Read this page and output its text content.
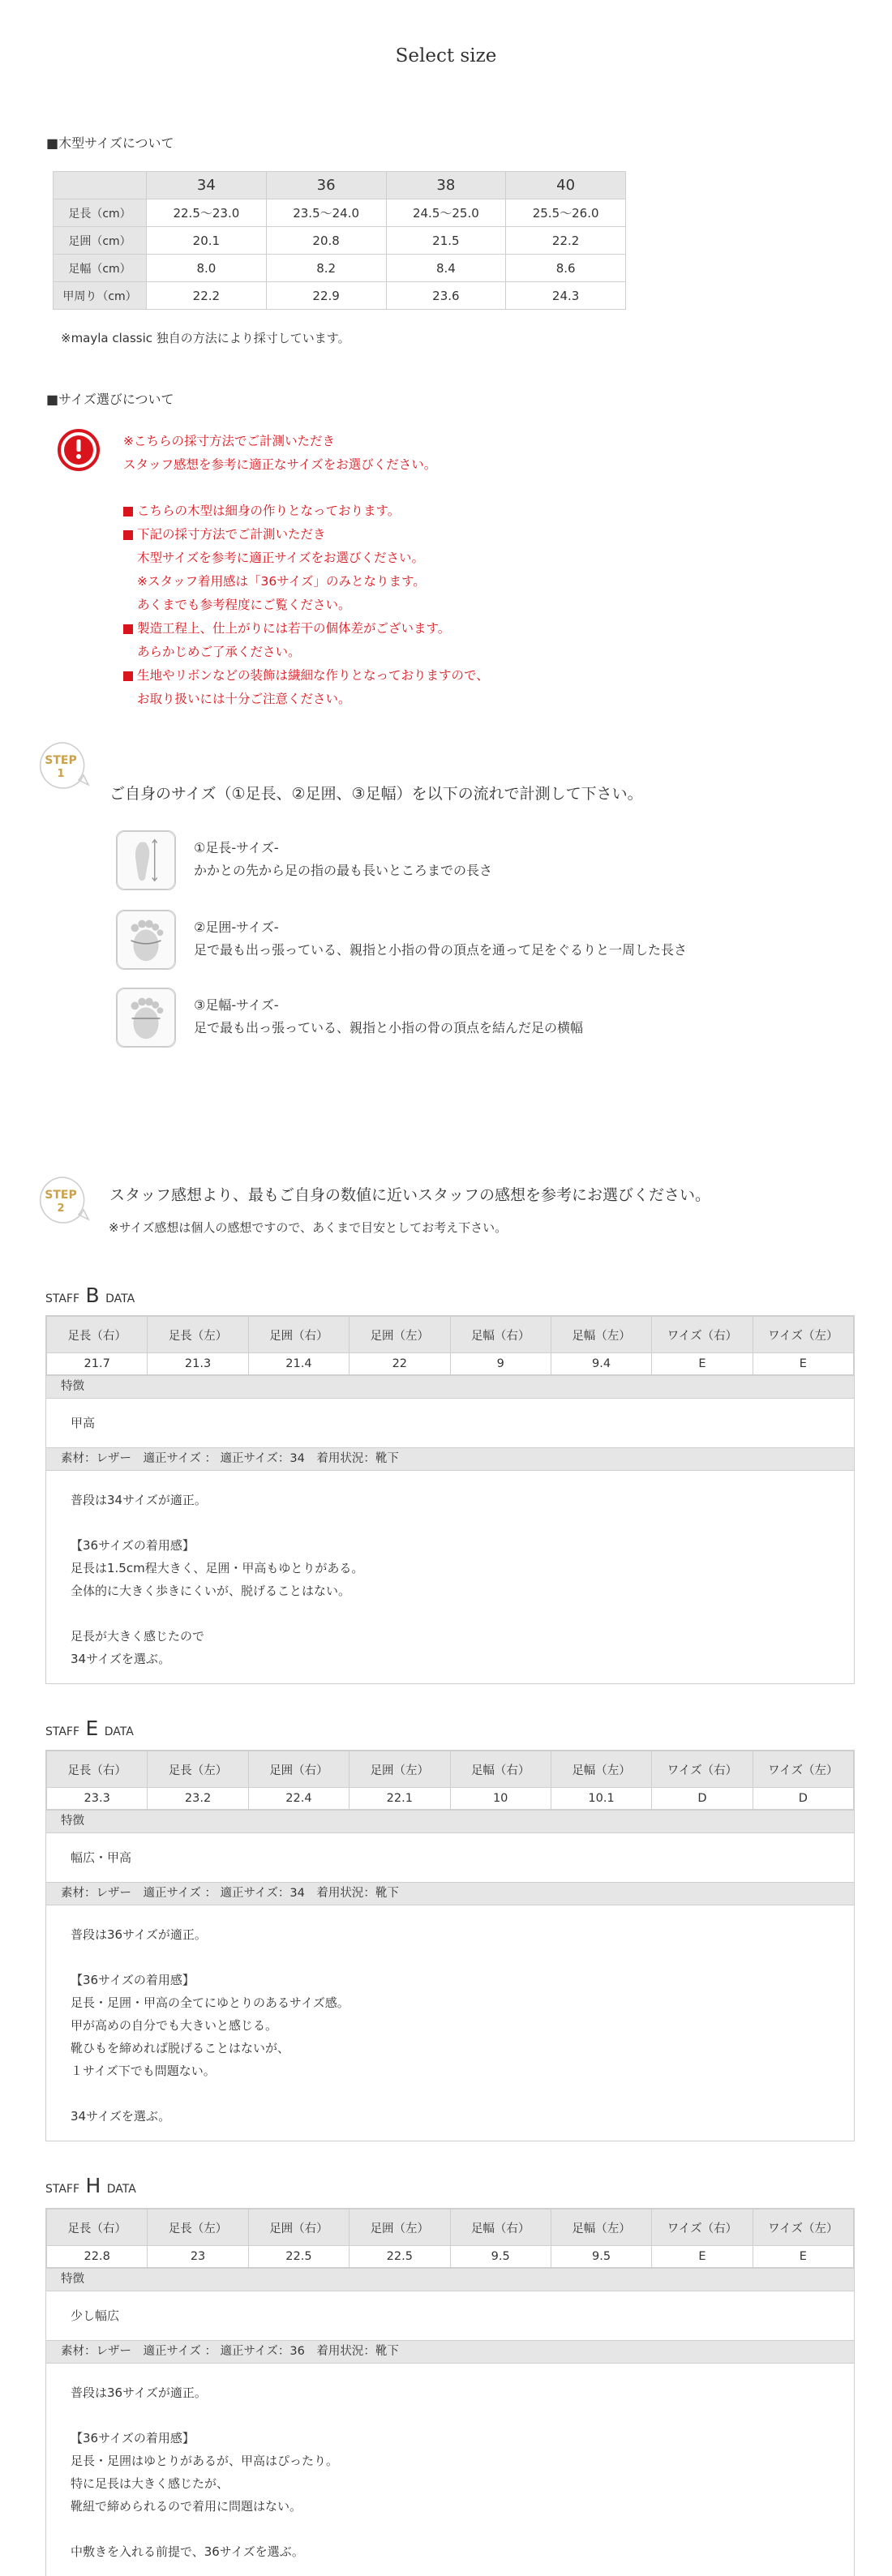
Select size
■木型サイズについて
	34	36	38	40
足長（cm）	22.5～23.0	23.5～24.0	24.5～25.0	25.5～26.0
足囲（cm）	20.1	20.8	21.5	22.2
足幅（cm）	8.0	8.2	8.4	8.6
甲周り（cm）	22.2	22.9	23.6	24.3
※mayla classic 独自の方法により採寸しています。
■サイズ選びについて
※こちらの採寸方法でご計測いただき
スタッフ感想を参考に適正なサイズをお選びください。
こちらの木型は細身の作りとなっております。
下記の採寸方法でご計測いただき
木型サイズを参考に適正サイズをお選びください。
※スタッフ着用感は「36サイズ」のみとなります。
あくまでも参考程度にご覧ください。
製造工程上、仕上がりには若干の個体差がございます。
あらかじめご了承ください。
生地やリボンなどの装飾は繊細な作りとなっておりますので、
お取り扱いには十分ご注意ください。
STEP
1
ご自身のサイズ（①足長、②足囲、③足幅）を以下の流れで計測して下さい。
①足長-サイズ-
かかとの先から足の指の最も長いところまでの長さ
②足囲-サイズ-
足で最も出っ張っている、親指と小指の骨の頂点を通って足をぐるりと一周した長さ
③足幅-サイズ-
足で最も出っ張っている、親指と小指の骨の頂点を結んだ足の横幅
STEP
2
スタッフ感想より、最もご自身の数値に近いスタッフの感想を参考にお選びください。
※サイズ感想は個人の感想ですので、あくまで目安としてお考え下さい。
STAFF B DATA
足長（右）	足長（左）	足囲（右）	足囲（左）	足幅（右）	足幅（左）	ワイズ（右）	ワイズ（左）
21.7	21.3	21.4	22	9	9.4	E	E
特徴
甲高
素材：レザー　適正サイズ ： 適正サイズ：34　着用状況：靴下
普段は34サイズが適正。
【36サイズの着用感】
足長は1.5cm程大きく、足囲・甲高もゆとりがある。
全体的に大きく歩きにくいが、脱げることはない。
足長が大きく感じたので
34サイズを選ぶ。
STAFF E DATA
足長（右）	足長（左）	足囲（右）	足囲（左）	足幅（右）	足幅（左）	ワイズ（右）	ワイズ（左）
23.3	23.2	22.4	22.1	10	10.1	D	D
特徴
幅広・甲高
素材：レザー　適正サイズ ： 適正サイズ：34　着用状況：靴下
普段は36サイズが適正。
【36サイズの着用感】
足長・足囲・甲高の全てにゆとりのあるサイズ感。
甲が高めの自分でも大きいと感じる。
靴ひもを締めれば脱げることはないが、
１サイズ下でも問題ない。
34サイズを選ぶ。
STAFF H DATA
足長（右）	足長（左）	足囲（右）	足囲（左）	足幅（右）	足幅（左）	ワイズ（右）	ワイズ（左）
22.8	23	22.5	22.5	9.5	9.5	E	E
特徴
少し幅広
素材：レザー　適正サイズ ： 適正サイズ：36　着用状況：靴下
普段は36サイズが適正。
【36サイズの着用感】
足長・足囲はゆとりがあるが、甲高はぴったり。
特に足長は大きく感じたが、
靴紐で締められるので着用に問題はない。
中敷きを入れる前提で、36サイズを選ぶ。
